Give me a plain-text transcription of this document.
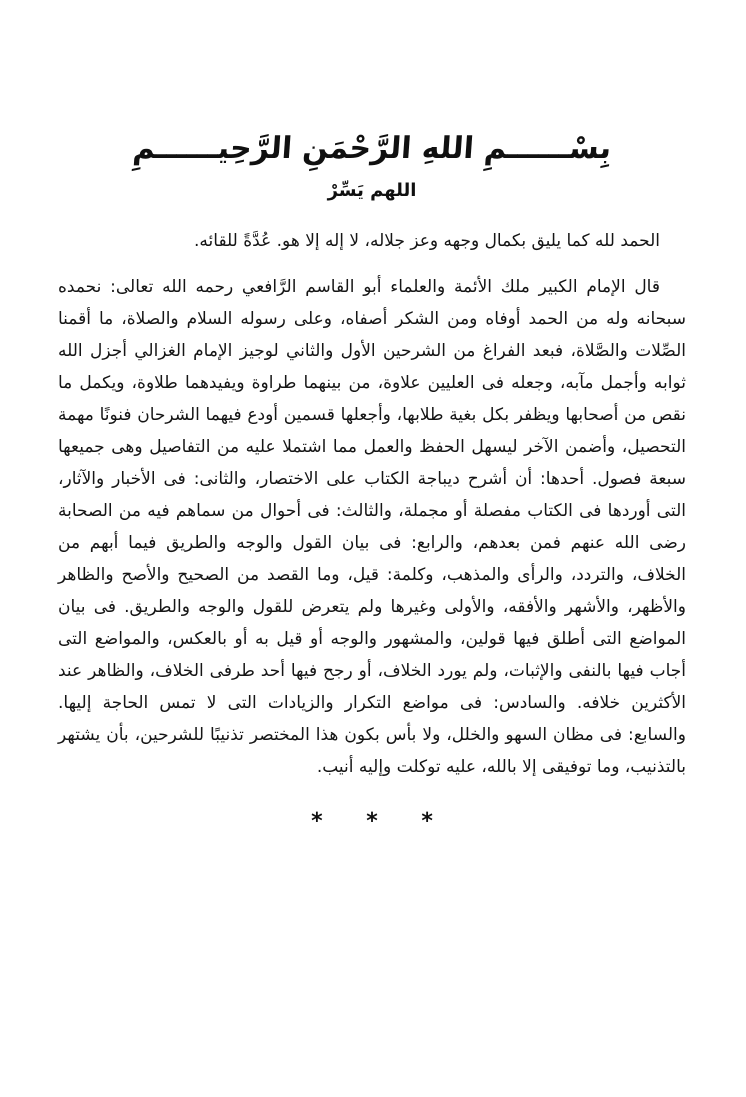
بِسْــــــمِ اللهِ الرَّحْمَنِ الرَّحِيــــــمِ
اللهم يَسِّرْ

الحمد لله كما يليق بكمال وجهه وعز جلاله، لا إله إلا هو. عُدَّةً للقائه.

قال الإمام الكبير ملك الأئمة والعلماء أبو القاسم الرَّافعي رحمه الله تعالى: نحمده سبحانه وله من الحمد أوفاه ومن الشكر أصفاه، وعلى رسوله السلام والصلاة، ما أقمنا الصِّلات والصَّلاة، فبعد الفراغ من الشرحين الأول والثاني لوجيز الإمام الغزالي أجزل الله ثوابه وأجمل مآبه، وجعله فى العليين علاوة، من بينهما طراوة ويفيدهما طلاوة، ويكمل ما نقص من أصحابها ويظفر بكل بغية طلابها، وأجعلها قسمين أودع فيهما الشرحان فنونًا مهمة التحصيل، وأضمن الآخر ليسهل الحفظ والعمل مما اشتملا عليه من التفاصيل وهى جميعها سبعة فصول. أحدها: أن أشرح ديباجة الكتاب على الاختصار، والثانى: فى الأخبار والآثار، التى أوردها فى الكتاب مفصلة أو مجملة، والثالث: فى أحوال من سماهم فيه من الصحابة رضى الله عنهم فمن بعدهم، والرابع: فى بيان القول والوجه والطريق فيما أبهم من الخلاف، والتردد، والرأى والمذهب، وكلمة: قيل، وما القصد من الصحيح والأصح والظاهر والأظهر، والأشهر والأفقه، والأولى وغيرها ولم يتعرض للقول والوجه والطريق. فى بيان المواضع التى أطلق فيها قولين، والمشهور والوجه أو قيل به أو بالعكس، والمواضع التى أجاب فيها بالنفى والإثبات، ولم يورد الخلاف، أو رجح فيها أحد طرفى الخلاف، والظاهر عند الأكثرين خلافه. والسادس: فى مواضع التكرار والزيادات التى لا تمس الحاجة إليها. والسابع: فى مظان السهو والخلل، ولا بأس بكون هذا المختصر تذنيبًا للشرحين، بأن يشتهر بالتذنيب، وما توفيقى إلا بالله، عليه توكلت وإليه أنيب.

* * *
